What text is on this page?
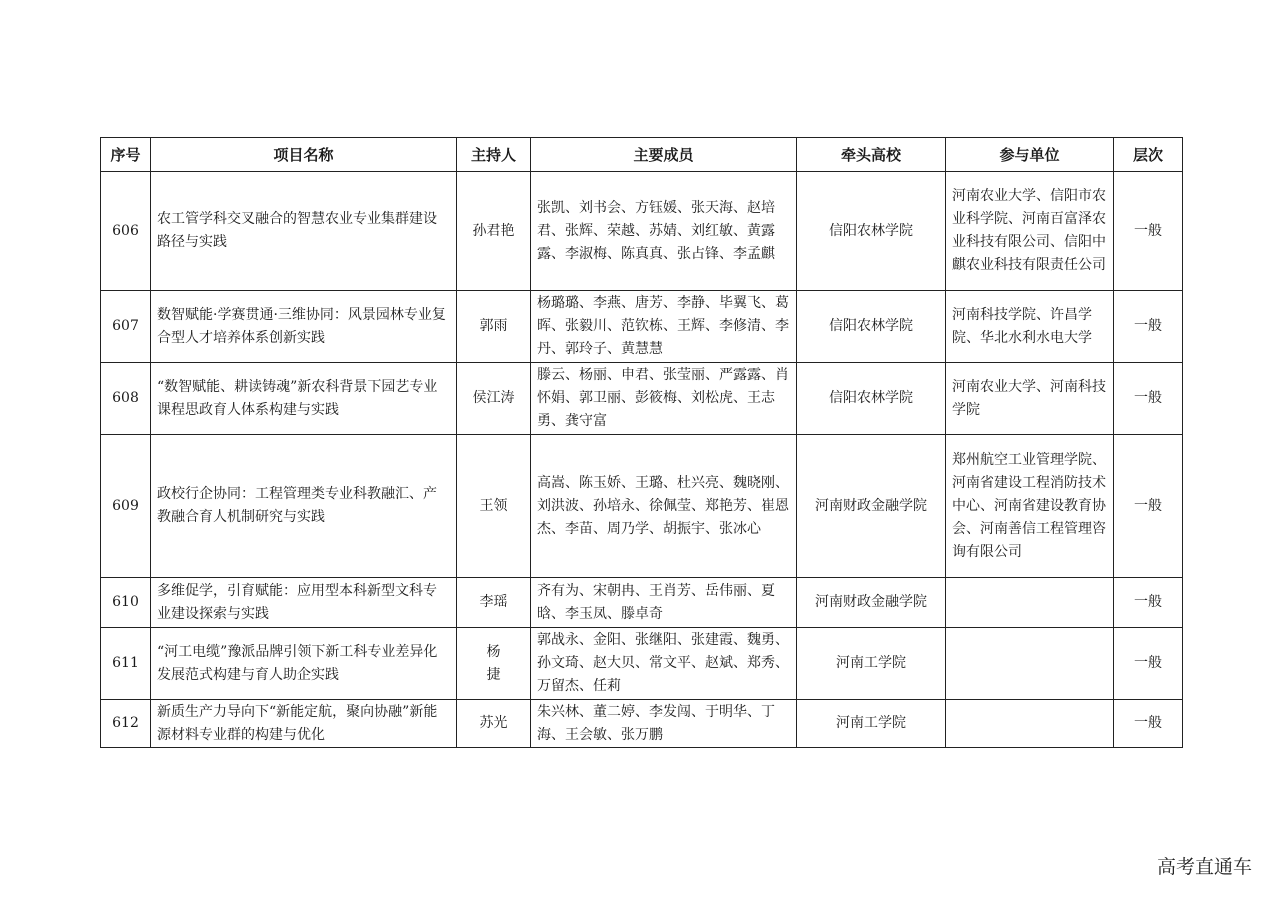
序号	项目名称	主持人	主要成员	牵头高校	参与单位	层次
606	农工管学科交叉融合的智慧农业专业集群建设路径与实践	孙君艳	张凯、刘书会、方钰媛、张天海、赵培君、张辉、荣越、苏婧、刘红敏、黄露露、李淑梅、陈真真、张占锋、李孟麒	信阳农林学院	河南农业大学、信阳市农业科学院、河南百富泽农业科技有限公司、信阳中麒农业科技有限责任公司	一般
607	数智赋能·学赛贯通·三维协同：风景园林专业复合型人才培养体系创新实践	郭雨	杨璐璐、李燕、唐芳、李静、毕翼飞、葛晖、张毅川、范钦栋、王辉、李修清、李丹、郭玲子、黄慧慧	信阳农林学院	河南科技学院、许昌学院、华北水利水电大学	一般
608	“数智赋能、耕读铸魂”新农科背景下园艺专业课程思政育人体系构建与实践	侯江涛	滕云、杨丽、申君、张莹丽、严露露、肖怀娟、郭卫丽、彭筱梅、刘松虎、王志勇、龚守富	信阳农林学院	河南农业大学、河南科技学院	一般
609	政校行企协同：工程管理类专业科教融汇、产教融合育人机制研究与实践	王领	高嵩、陈玉娇、王璐、杜兴亮、魏晓刚、刘洪波、孙培永、徐佩莹、郑艳芳、崔恩杰、李苗、周乃学、胡振宇、张冰心	河南财政金融学院	郑州航空工业管理学院、河南省建设工程消防技术中心、河南省建设教育协会、河南善信工程管理咨询有限公司	一般
610	多维促学，引育赋能：应用型本科新型文科专业建设探索与实践	李瑶	齐有为、宋朝冉、王肖芳、岳伟丽、夏晗、李玉凤、滕卓奇	河南财政金融学院		一般
611	“河工电缆”豫派品牌引领下新工科专业差异化发展范式构建与育人助企实践	杨捷	郭战永、金阳、张继阳、张建霞、魏勇、孙文琦、赵大贝、常文平、赵斌、郑秀、万留杰、任莉	河南工学院		一般
612	新质生产力导向下“新能定航，聚向协融”新能源材料专业群的构建与优化	苏光	朱兴林、董二婷、李发闯、于明华、丁海、王会敏、张万鹏	河南工学院		一般
高考直通车
